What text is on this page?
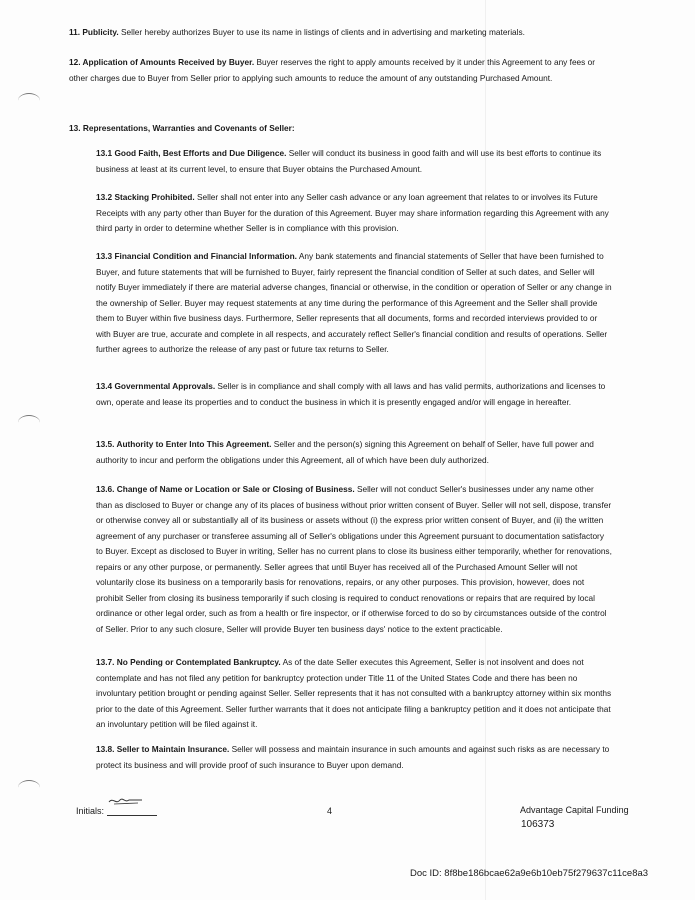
11. Publicity. Seller hereby authorizes Buyer to use its name in listings of clients and in advertising and marketing materials.

12. Application of Amounts Received by Buyer. Buyer reserves the right to apply amounts received by it under this Agreement to any fees or other charges due to Buyer from Seller prior to applying such amounts to reduce the amount of any outstanding Purchased Amount.

13. Representations, Warranties and Covenants of Seller:

13.1 Good Faith, Best Efforts and Due Diligence. Seller will conduct its business in good faith and will use its best efforts to continue its business at least at its current level, to ensure that Buyer obtains the Purchased Amount.

13.2 Stacking Prohibited. Seller shall not enter into any Seller cash advance or any loan agreement that relates to or involves its Future Receipts with any party other than Buyer for the duration of this Agreement. Buyer may share information regarding this Agreement with any third party in order to determine whether Seller is in compliance with this provision.

13.3 Financial Condition and Financial Information. Any bank statements and financial statements of Seller that have been furnished to Buyer, and future statements that will be furnished to Buyer, fairly represent the financial condition of Seller at such dates, and Seller will notify Buyer immediately if there are material adverse changes, financial or otherwise, in the condition or operation of Seller or any change in the ownership of Seller. Buyer may request statements at any time during the performance of this Agreement and the Seller shall provide them to Buyer within five business days. Furthermore, Seller represents that all documents, forms and recorded interviews provided to or with Buyer are true, accurate and complete in all respects, and accurately reflect Seller's financial condition and results of operations. Seller further agrees to authorize the release of any past or future tax returns to Seller.

13.4 Governmental Approvals. Seller is in compliance and shall comply with all laws and has valid permits, authorizations and licenses to own, operate and lease its properties and to conduct the business in which it is presently engaged and/or will engage in hereafter.

13.5. Authority to Enter Into This Agreement. Seller and the person(s) signing this Agreement on behalf of Seller, have full power and authority to incur and perform the obligations under this Agreement, all of which have been duly authorized.

13.6. Change of Name or Location or Sale or Closing of Business. Seller will not conduct Seller's businesses under any name other than as disclosed to Buyer or change any of its places of business without prior written consent of Buyer. Seller will not sell, dispose, transfer or otherwise convey all or substantially all of its business or assets without (i) the express prior written consent of Buyer, and (ii) the written agreement of any purchaser or transferee assuming all of Seller's obligations under this Agreement pursuant to documentation satisfactory to Buyer. Except as disclosed to Buyer in writing, Seller has no current plans to close its business either temporarily, whether for renovations, repairs or any other purpose, or permanently. Seller agrees that until Buyer has received all of the Purchased Amount Seller will not voluntarily close its business on a temporarily basis for renovations, repairs, or any other purposes. This provision, however, does not prohibit Seller from closing its business temporarily if such closing is required to conduct renovations or repairs that are required by local ordinance or other legal order, such as from a health or fire inspector, or if otherwise forced to do so by circumstances outside of the control of Seller. Prior to any such closure, Seller will provide Buyer ten business days' notice to the extent practicable.

13.7. No Pending or Contemplated Bankruptcy. As of the date Seller executes this Agreement, Seller is not insolvent and does not contemplate and has not filed any petition for bankruptcy protection under Title 11 of the United States Code and there has been no involuntary petition brought or pending against Seller. Seller represents that it has not consulted with a bankruptcy attorney within six months prior to the date of this Agreement. Seller further warrants that it does not anticipate filing a bankruptcy petition and it does not anticipate that an involuntary petition will be filed against it.

13.8. Seller to Maintain Insurance. Seller will possess and maintain insurance in such amounts and against such risks as are necessary to protect its business and will provide proof of such insurance to Buyer upon demand.

Initials:	4	Advantage Capital Funding
106373
Doc ID: 8f8be186bcae62a9e6b10eb75f279637c11ce8a3
